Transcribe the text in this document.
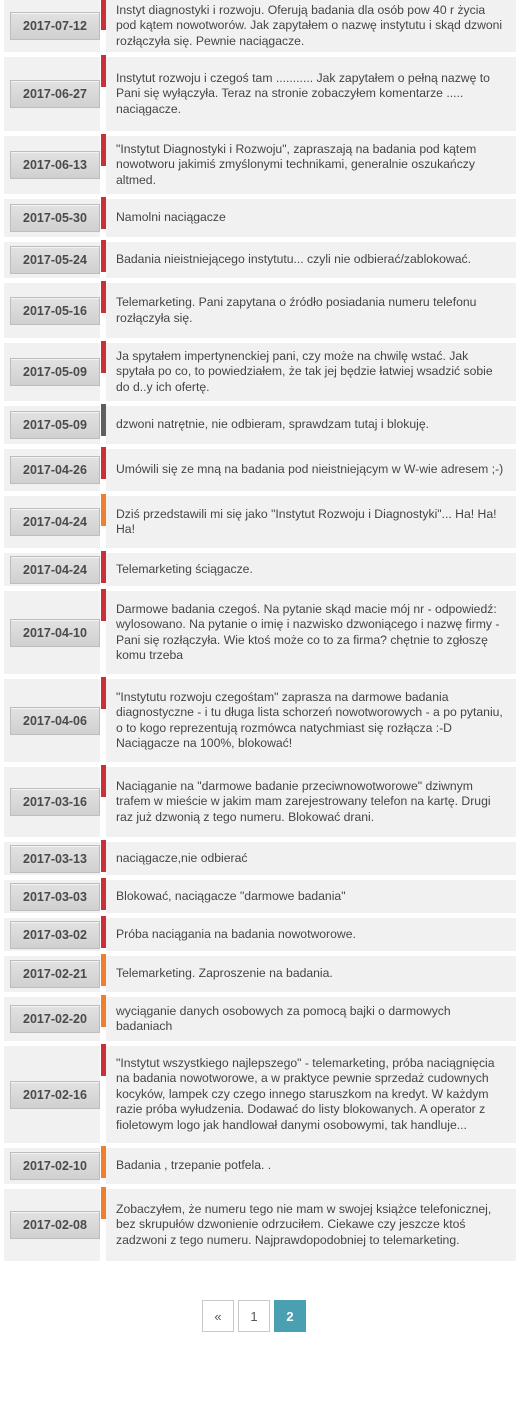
2017-07-12
Instyt diagnostyki i rozwoju. Oferują badania dla osób pow 40 r życia pod kątem nowotworów. Jak zapytałem o nazwę instytutu i skąd dzwoni rozłączyła się. Pewnie naciągacze.
2017-06-27
Instytut rozwoju i czegoś tam ........... Jak zapytałem o pełną nazwę to Pani się wyłączyła. Teraz na stronie zobaczyłem komentarze ..... naciągacze.
2017-06-13
"Instytut Diagnostyki i Rozwoju", zapraszają na badania pod kątem nowotworu jakimiś zmyślonymi technikami, generalnie oszukańczy altmed.
2017-05-30	Namolni naciągacze
2017-05-24	Badania nieistniejącego instytutu... czyli nie odbierać/zablokować.
2017-05-16
Telemarketing. Pani zapytana o źródło posiadania numeru telefonu rozłączyła się.
2017-05-09
Ja spytałem impertynenckiej pani, czy może na chwilę wstać. Jak spytała po co, to powiedziałem, że tak jej będzie łatwiej wsadzić sobie do d..y ich ofertę.
2017-05-09	dzwoni natrętnie, nie odbieram, sprawdzam tutaj i blokuję.
2017-04-26	Umówili się ze mną na badania pod nieistniejącym w W-wie adresem ;-)
2017-04-24
Dziś przedstawili mi się jako "Instytut Rozwoju i Diagnostyki"... Ha! Ha! Ha!
2017-04-24	Telemarketing ściągacze.
2017-04-10
Darmowe badania czegoś. Na pytanie skąd macie mój nr - odpowiedź: wylosowano. Na pytanie o imię i nazwisko dzwoniącego i nazwę firmy - Pani się rozłączyła. Wie ktoś może co to za firma? chętnie to zgłoszę komu trzeba
2017-04-06
"Instytutu rozwoju czegośtam" zaprasza na darmowe badania diagnostyczne - i tu długa lista schorzeń nowotworowych - a po pytaniu, o to kogo reprezentują rozmówca natychmiast się rozłącza :-D Naciągacze na 100%, blokować!
2017-03-16
Naciąganie na "darmowe badanie przeciwnowotworowe" dziwnym trafem w mieście w jakim mam zarejestrowany telefon na kartę. Drugi raz już dzwonią z tego numeru. Blokować drani.
2017-03-13	naciągacze,nie odbierać
2017-03-03	Blokować, naciągacze "darmowe badania"
2017-03-02	Próba naciągania na badania nowotworowe.
2017-02-21	Telemarketing. Zaproszenie na badania.
2017-02-20
wyciąganie danych osobowych za pomocą bajki o darmowych badaniach
2017-02-16
"Instytut wszystkiego najlepszego" - telemarketing, próba naciągnięcia na badania nowotworowe, a w praktyce pewnie sprzedaż cudownych kocyków, lampek czy czego innego staruszkom na kredyt. W każdym razie próba wyłudzenia. Dodawać do listy blokowanych. A operator z fioletowym logo jak handlował danymi osobowymi, tak handluje...
2017-02-10	Badania , trzepanie potfela. .
2017-02-08
Zobaczyłem, że numeru tego nie mam w swojej książce telefonicznej, bez skrupułów dzwonienie odrzuciłem. Ciekawe czy jeszcze ktoś zadzwoni z tego numeru. Najprawdopodobniej to telemarketing.
«	1	2
